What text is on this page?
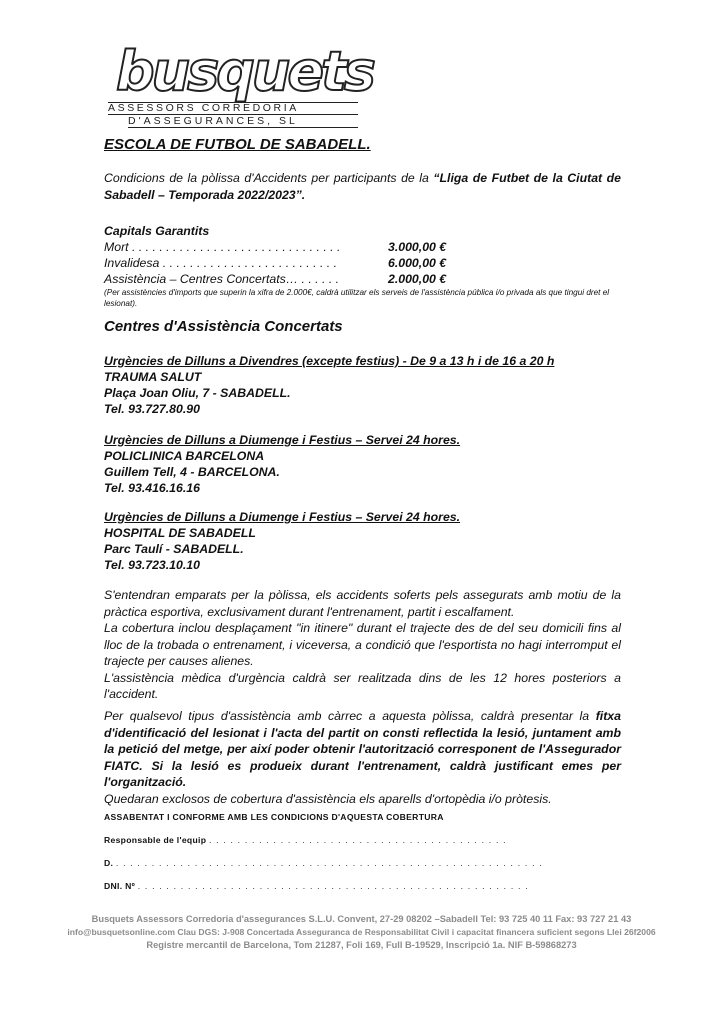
busquets
ASSESSORS CORREDORIA
D'ASSEGURANCES, SL
ESCOLA DE FUTBOL DE SABADELL.
Condicions de la pòlissa d'Accidents per participants de la “Lliga de Futbet de la Ciutat de Sabadell – Temporada 2022/2023”.
Capitals Garantits
Mort . . . . . . . . . . . . . . . . . . . . . . . . . . . . . . .	3.000,00 €
Invalidesa . . . . . . . . . . . . . . . . . . . . . . . . . .	6.000,00 €
Assistència – Centres Concertats… . . . . . .	2.000,00 €
(Per assistències d'imports que superin la xifra de 2.000€, caldrà utilitzar els serveis de l'assistència pública i/o privada als que tingui dret el lesionat).
Centres d'Assistència Concertats
Urgències de Dilluns a Divendres (excepte festius) - De 9 a 13 h i de 16 a 20 h
TRAUMA SALUT
Plaça Joan Oliu, 7 - SABADELL.
Tel. 93.727.80.90
Urgències de Dilluns a Diumenge i Festius – Servei 24 hores.
POLICLINICA BARCELONA
Guillem Tell, 4 - BARCELONA.
Tel. 93.416.16.16
Urgències de Dilluns a Diumenge i Festius – Servei 24 hores.
HOSPITAL DE SABADELL
Parc Taulí - SABADELL.
Tel. 93.723.10.10
S'entendran emparats per la pòlissa, els accidents soferts pels assegurats amb motiu de la pràctica esportiva, exclusivament durant l'entrenament, partit i escalfament.
La cobertura inclou desplaçament "in itinere" durant el trajecte des de del seu domicili fins al lloc de la trobada o entrenament, i viceversa, a condició que l'esportista no hagi interromput el trajecte per causes alienes.
L'assistència mèdica d'urgència caldrà ser realitzada dins de les 12 hores posteriors a l'accident.
Per qualsevol tipus d'assistència amb càrrec a aquesta pòlissa, caldrà presentar la fitxa d'identificació del lesionat i l'acta del partit on consti reflectida la lesió, juntament amb la petició del metge, per així poder obtenir l'autorització corresponent de l'Assegurador FIATC. Si la lesió es produeix durant l'entrenament, caldrà justificant emes per l'organització.
Quedaran exclosos de cobertura d'assistència els aparells d'ortopèdia i/o pròtesis.
ASSABENTAT I CONFORME AMB LES CONDICIONS D'AQUESTA COBERTURA
Responsable de l'equip . . . . . . . . . . . . . . . . . . . . . . . . . . . . . . . . . . . . . . . . . .
D. . . . . . . . . . . . . . . . . . . . . . . . . . . . . . . . . . . . . . . . . . . . . . . . . . . . . . . . . . . . .
DNI. Nº . . . . . . . . . . . . . . . . . . . . . . . . . . . . . . . . . . . . . . . . . . . . . . . . . . . . . . .
Busquets Assessors Corredoria d'assegurances S.L.U. Convent, 27-29 08202 –Sabadell Tel: 93 725 40 11 Fax: 93 727 21 43
info@busquetsonline.com Clau DGS: J-908 Concertada Asseguranca de Responsabilitat Civil i capacitat financera suficient segons Llei 26f2006
Registre mercantil de Barcelona, Tom 21287, Foli 169, Full B-19529, Inscripció 1a. NIF B-59868273
